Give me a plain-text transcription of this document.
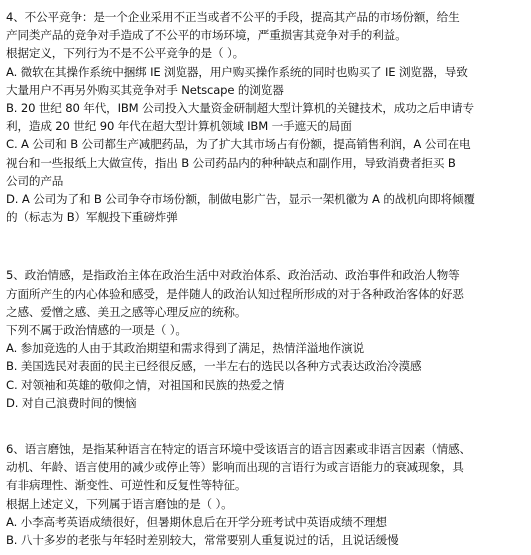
4、不公平竞争：是一个企业采用不正当或者不公平的手段，提高其产品的市场份额，给生
产同类产品的竞争对手造成了不公平的市场环境，严重损害其竞争对手的利益。
根据定义，下列行为不是不公平竞争的是（ ）。
A. 微软在其操作系统中捆绑 IE 浏览器，用户购买操作系统的同时也购买了 IE 浏览器，导致
大量用户不再另外购买其竞争对手 Netscape 的浏览器
B. 20 世纪 80 年代，IBM 公司投入大量资金研制超大型计算机的关键技术，成功之后申请专
利，造成 20 世纪 90 年代在超大型计算机领域 IBM 一手遮天的局面
C. A 公司和 B 公司都生产减肥药品，为了扩大其市场占有份额，提高销售利润，A 公司在电
视台和一些报纸上大做宣传，指出 B 公司药品内的种种缺点和副作用，导致消费者拒买 B
公司的产品
D. A 公司为了和 B 公司争夺市场份额，制做电影广告，显示一架机徽为 A 的战机向即将倾覆
的（标志为 B）军舰投下重磅炸弹
5、政治情感，是指政治主体在政治生活中对政治体系、政治活动、政治事件和政治人物等
方面所产生的内心体验和感受，是伴随人的政治认知过程所形成的对于各种政治客体的好恶
之感、爱憎之感、美丑之感等心理反应的统称。
下列不属于政治情感的一项是（ ）。
A. 参加竞选的人由于其政治期望和需求得到了满足，热情洋溢地作演说
B. 美国选民对表面的民主已经很反感，一半左右的选民以各种方式表达政治冷漠感
C. 对领袖和英雄的敬仰之情，对祖国和民族的热爱之情
D. 对自己浪费时间的懊恼
6、语言磨蚀，是指某种语言在特定的语言环境中受该语言的语言因素或非语言因素（情感、
动机、年龄、语言使用的减少或停止等）影响而出现的言语行为或言语能力的衰减现象，具
有非病理性、渐变性、可逆性和反复性等特征。
根据上述定义，下列属于语言磨蚀的是（ ）。
A. 小李高考英语成绩很好，但暑期休息后在开学分班考试中英语成绩不理想
B. 八十多岁的老张与年轻时差别较大，常常要别人重复说过的话，且说话缓慢
